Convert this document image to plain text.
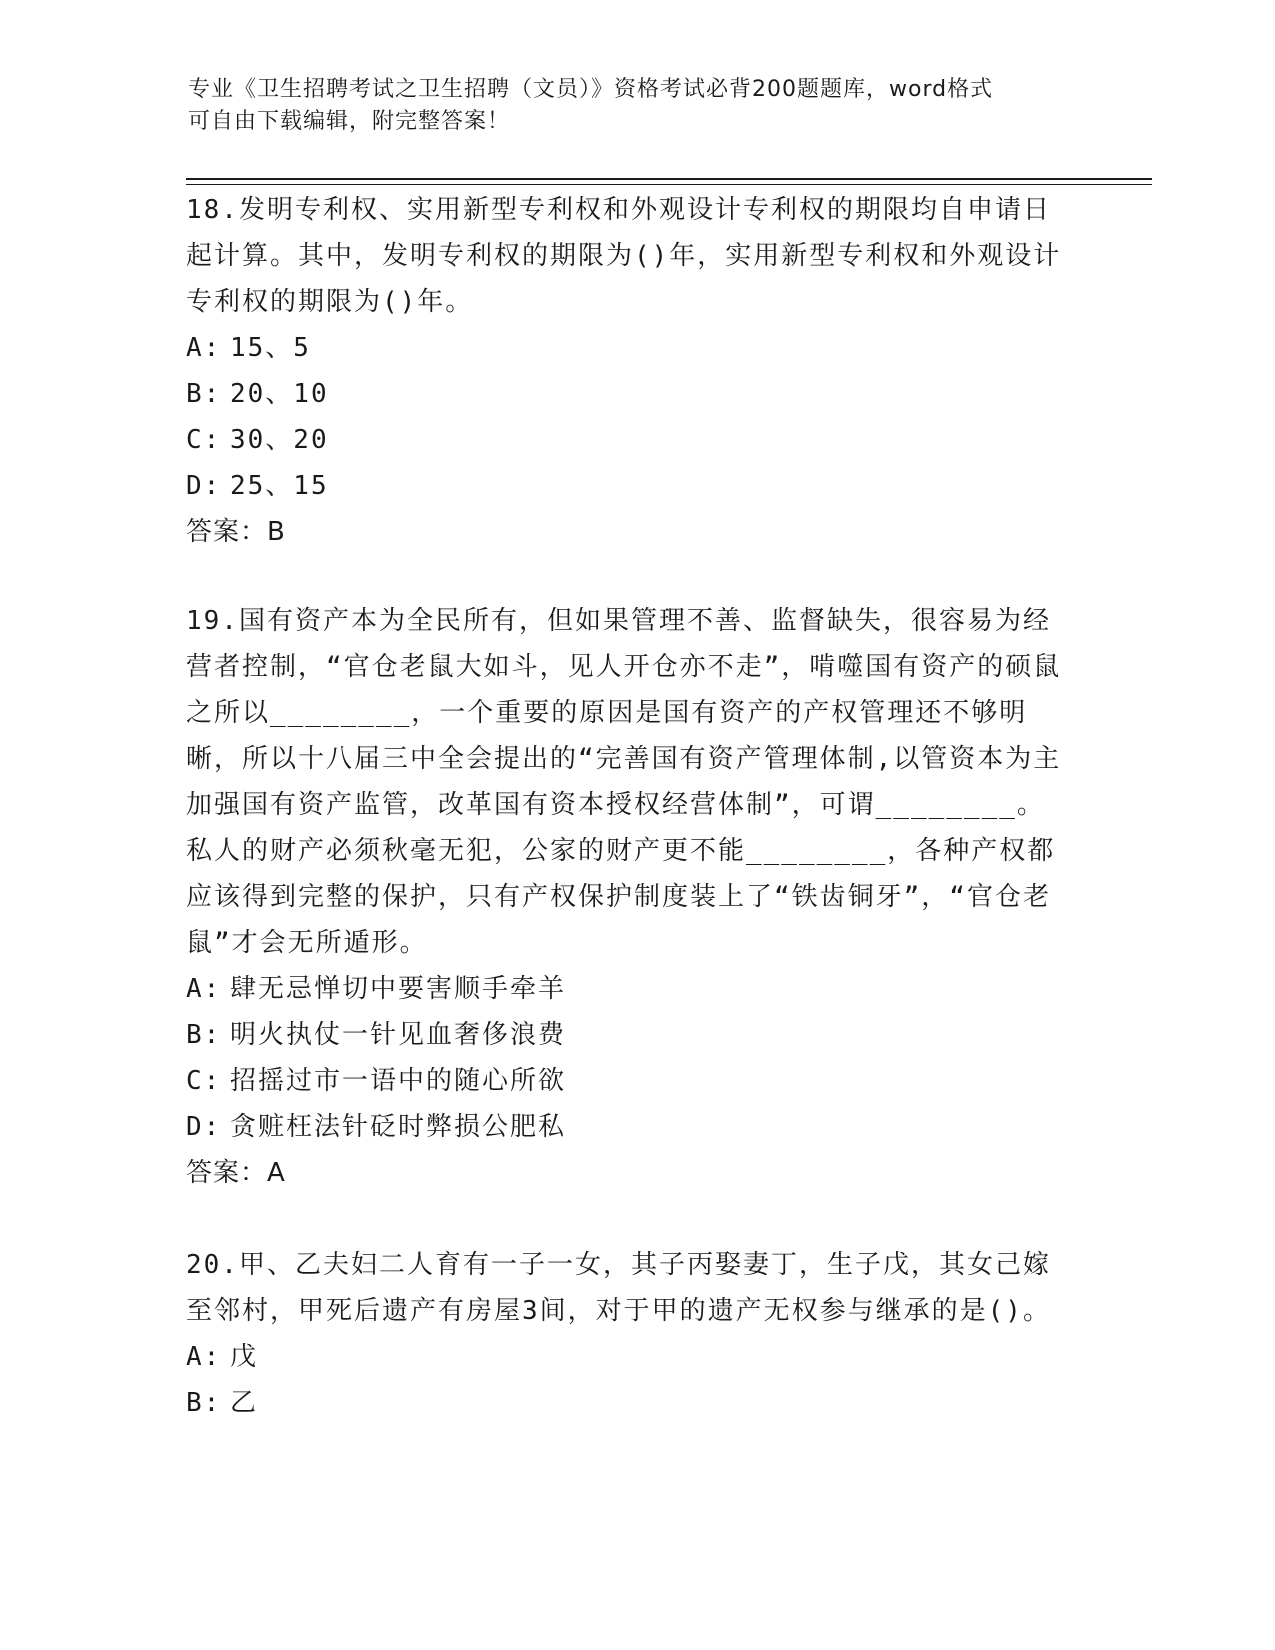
专业《卫生招聘考试之卫生招聘（文员）》资格考试必背200题题库，word格式
可自由下载编辑，附完整答案！

18.发明专利权、实用新型专利权和外观设计专利权的期限均自申请日起计算。其中，发明专利权的期限为()年，实用新型专利权和外观设计专利权的期限为()年。

A: 15、5
B: 20、10
C: 30、20
D: 25、15
答案：B

19.国有资产本为全民所有，但如果管理不善、监督缺失，很容易为经营者控制，“官仓老鼠大如斗，见人开仓亦不走”，啃噬国有资产的硕鼠之所以________，一个重要的原因是国有资产的产权管理还不够明晰，所以十八届三中全会提出的“完善国有资产管理体制,以管资本为主加强国有资产监管，改革国有资本授权经营体制”，可谓________。私人的财产必须秋毫无犯，公家的财产更不能________，各种产权都应该得到完整的保护，只有产权保护制度装上了“铁齿铜牙”，“官仓老鼠”才会无所遁形。

A: 肆无忌惮切中要害顺手牵羊
B: 明火执仗一针见血奢侈浪费
C: 招摇过市一语中的随心所欲
D: 贪赃枉法针砭时弊损公肥私
答案：A

20.甲、乙夫妇二人育有一子一女，其子丙娶妻丁，生子戊，其女己嫁至邻村，甲死后遗产有房屋3间，对于甲的遗产无权参与继承的是()。

A: 戊
B: 乙
